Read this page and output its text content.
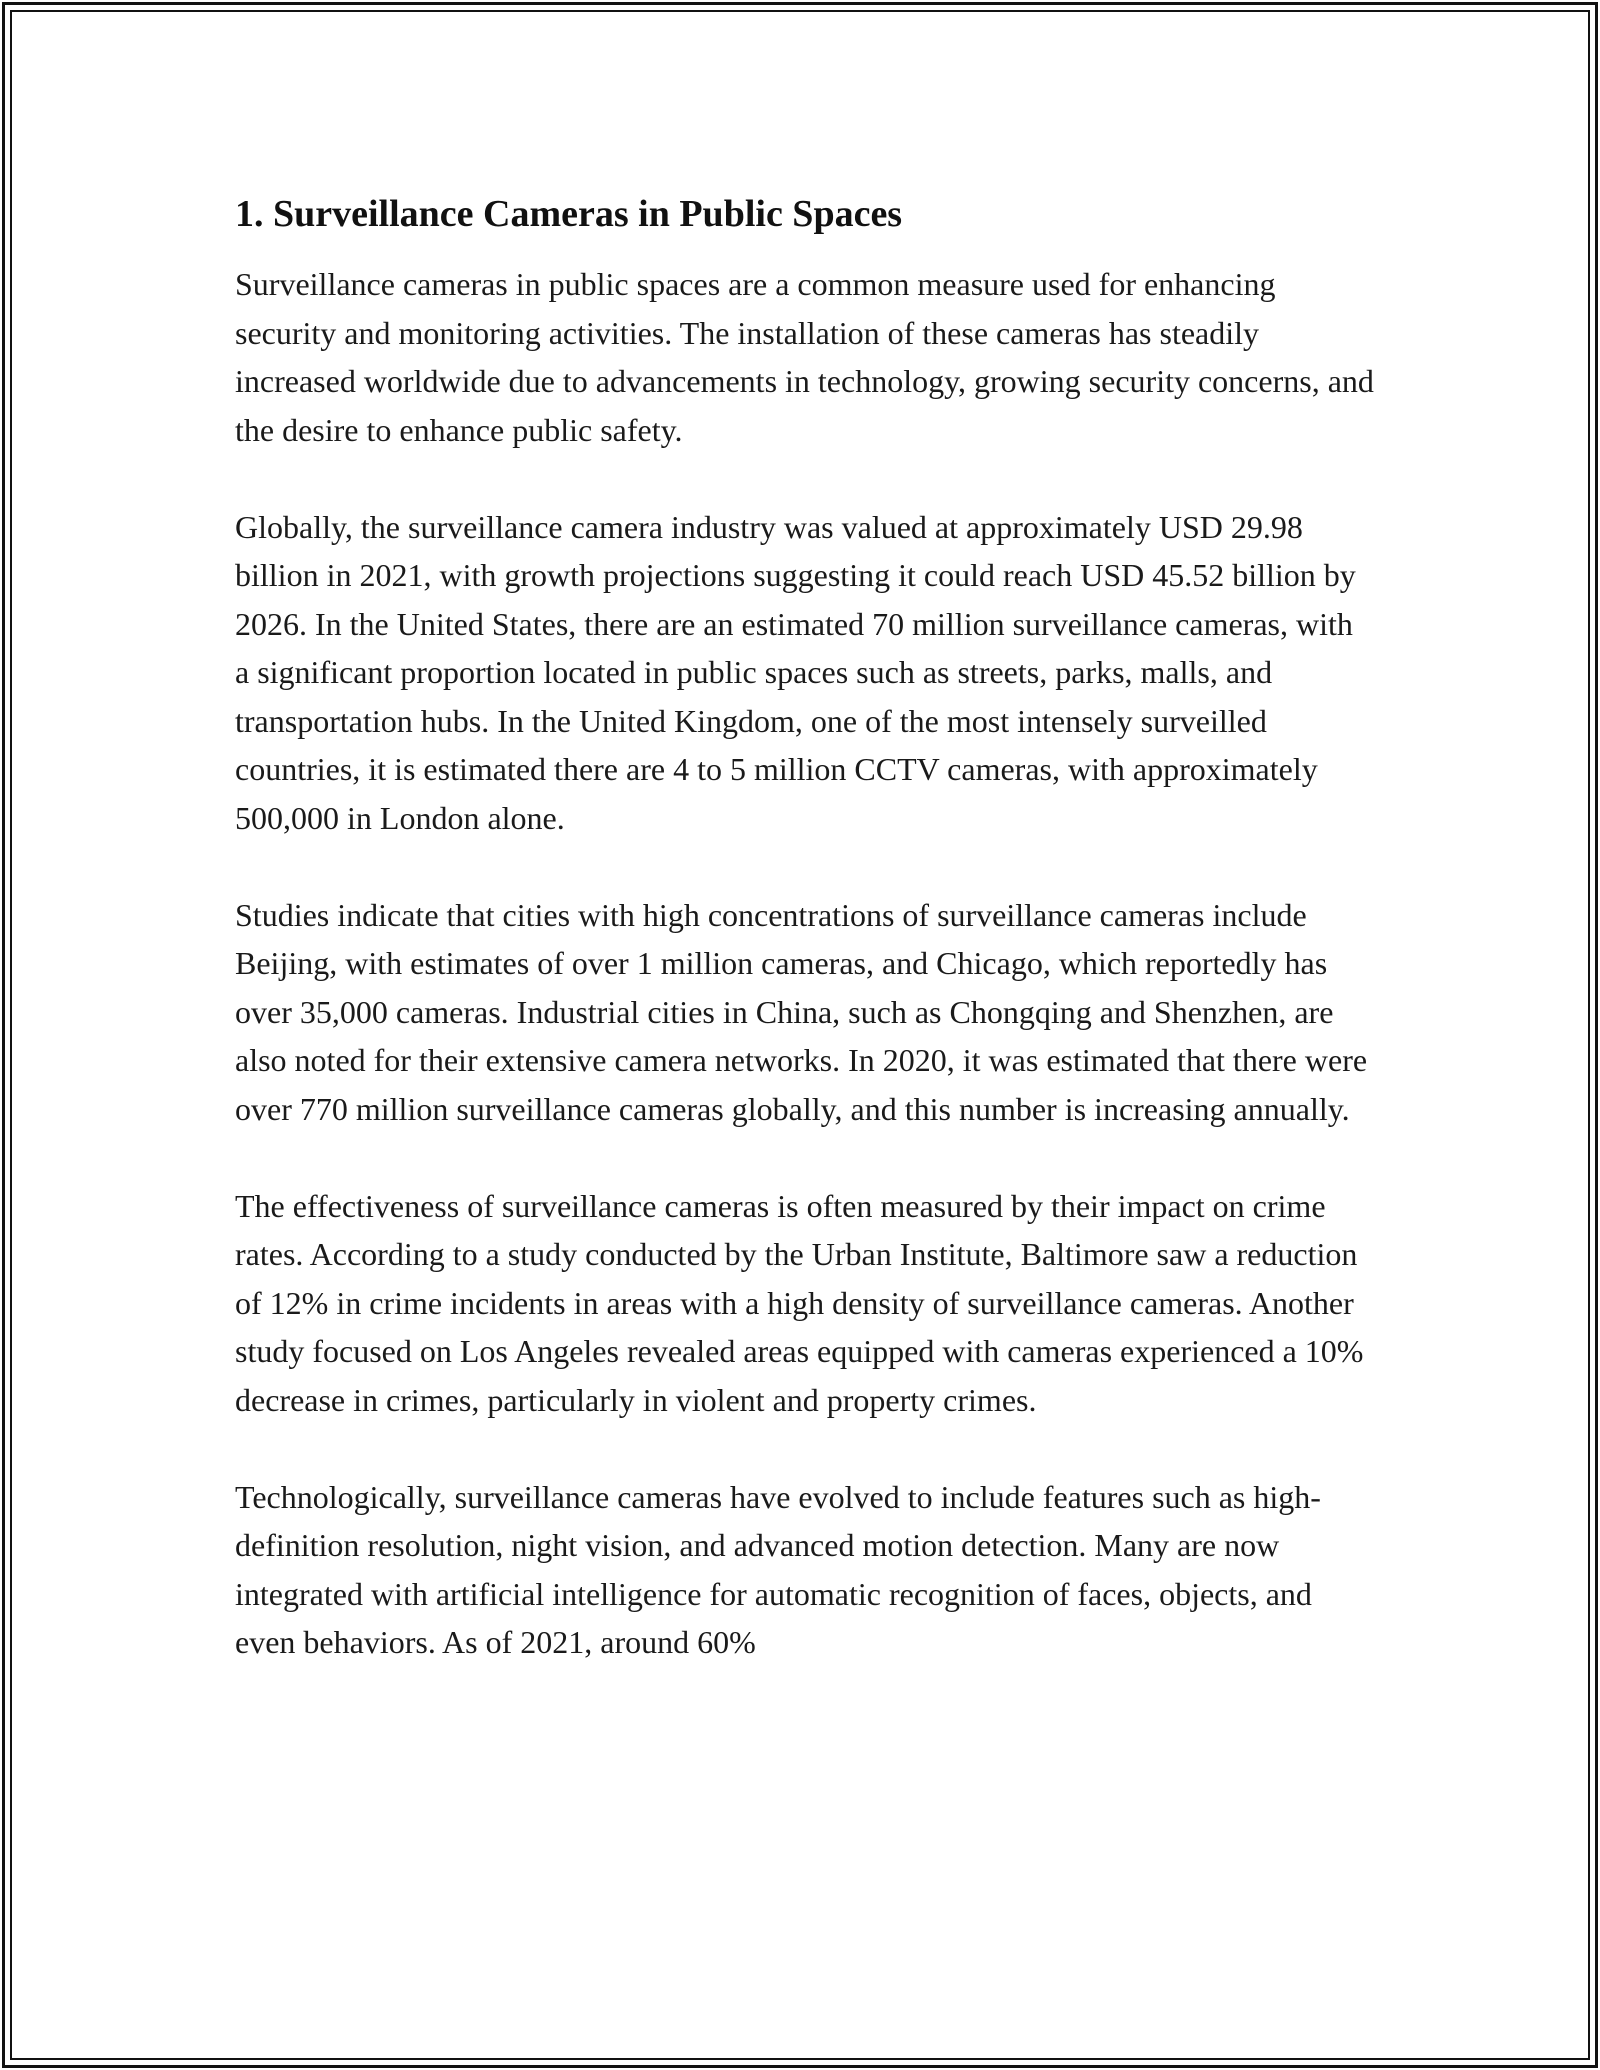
1. Surveillance Cameras in Public Spaces

Surveillance cameras in public spaces are a common measure used for enhancing security and monitoring activities. The installation of these cameras has steadily increased worldwide due to advancements in technology, growing security concerns, and the desire to enhance public safety.

Globally, the surveillance camera industry was valued at approximately USD 29.98 billion in 2021, with growth projections suggesting it could reach USD 45.52 billion by 2026. In the United States, there are an estimated 70 million surveillance cameras, with a significant proportion located in public spaces such as streets, parks, malls, and transportation hubs. In the United Kingdom, one of the most intensely surveilled countries, it is estimated there are 4 to 5 million CCTV cameras, with approximately 500,000 in London alone.

Studies indicate that cities with high concentrations of surveillance cameras include Beijing, with estimates of over 1 million cameras, and Chicago, which reportedly has over 35,000 cameras. Industrial cities in China, such as Chongqing and Shenzhen, are also noted for their extensive camera networks. In 2020, it was estimated that there were over 770 million surveillance cameras globally, and this number is increasing annually.

The effectiveness of surveillance cameras is often measured by their impact on crime rates. According to a study conducted by the Urban Institute, Baltimore saw a reduction of 12% in crime incidents in areas with a high density of surveillance cameras. Another study focused on Los Angeles revealed areas equipped with cameras experienced a 10% decrease in crimes, particularly in violent and property crimes.

Technologically, surveillance cameras have evolved to include features such as high-definition resolution, night vision, and advanced motion detection. Many are now integrated with artificial intelligence for automatic recognition of faces, objects, and even behaviors. As of 2021, around 60%
